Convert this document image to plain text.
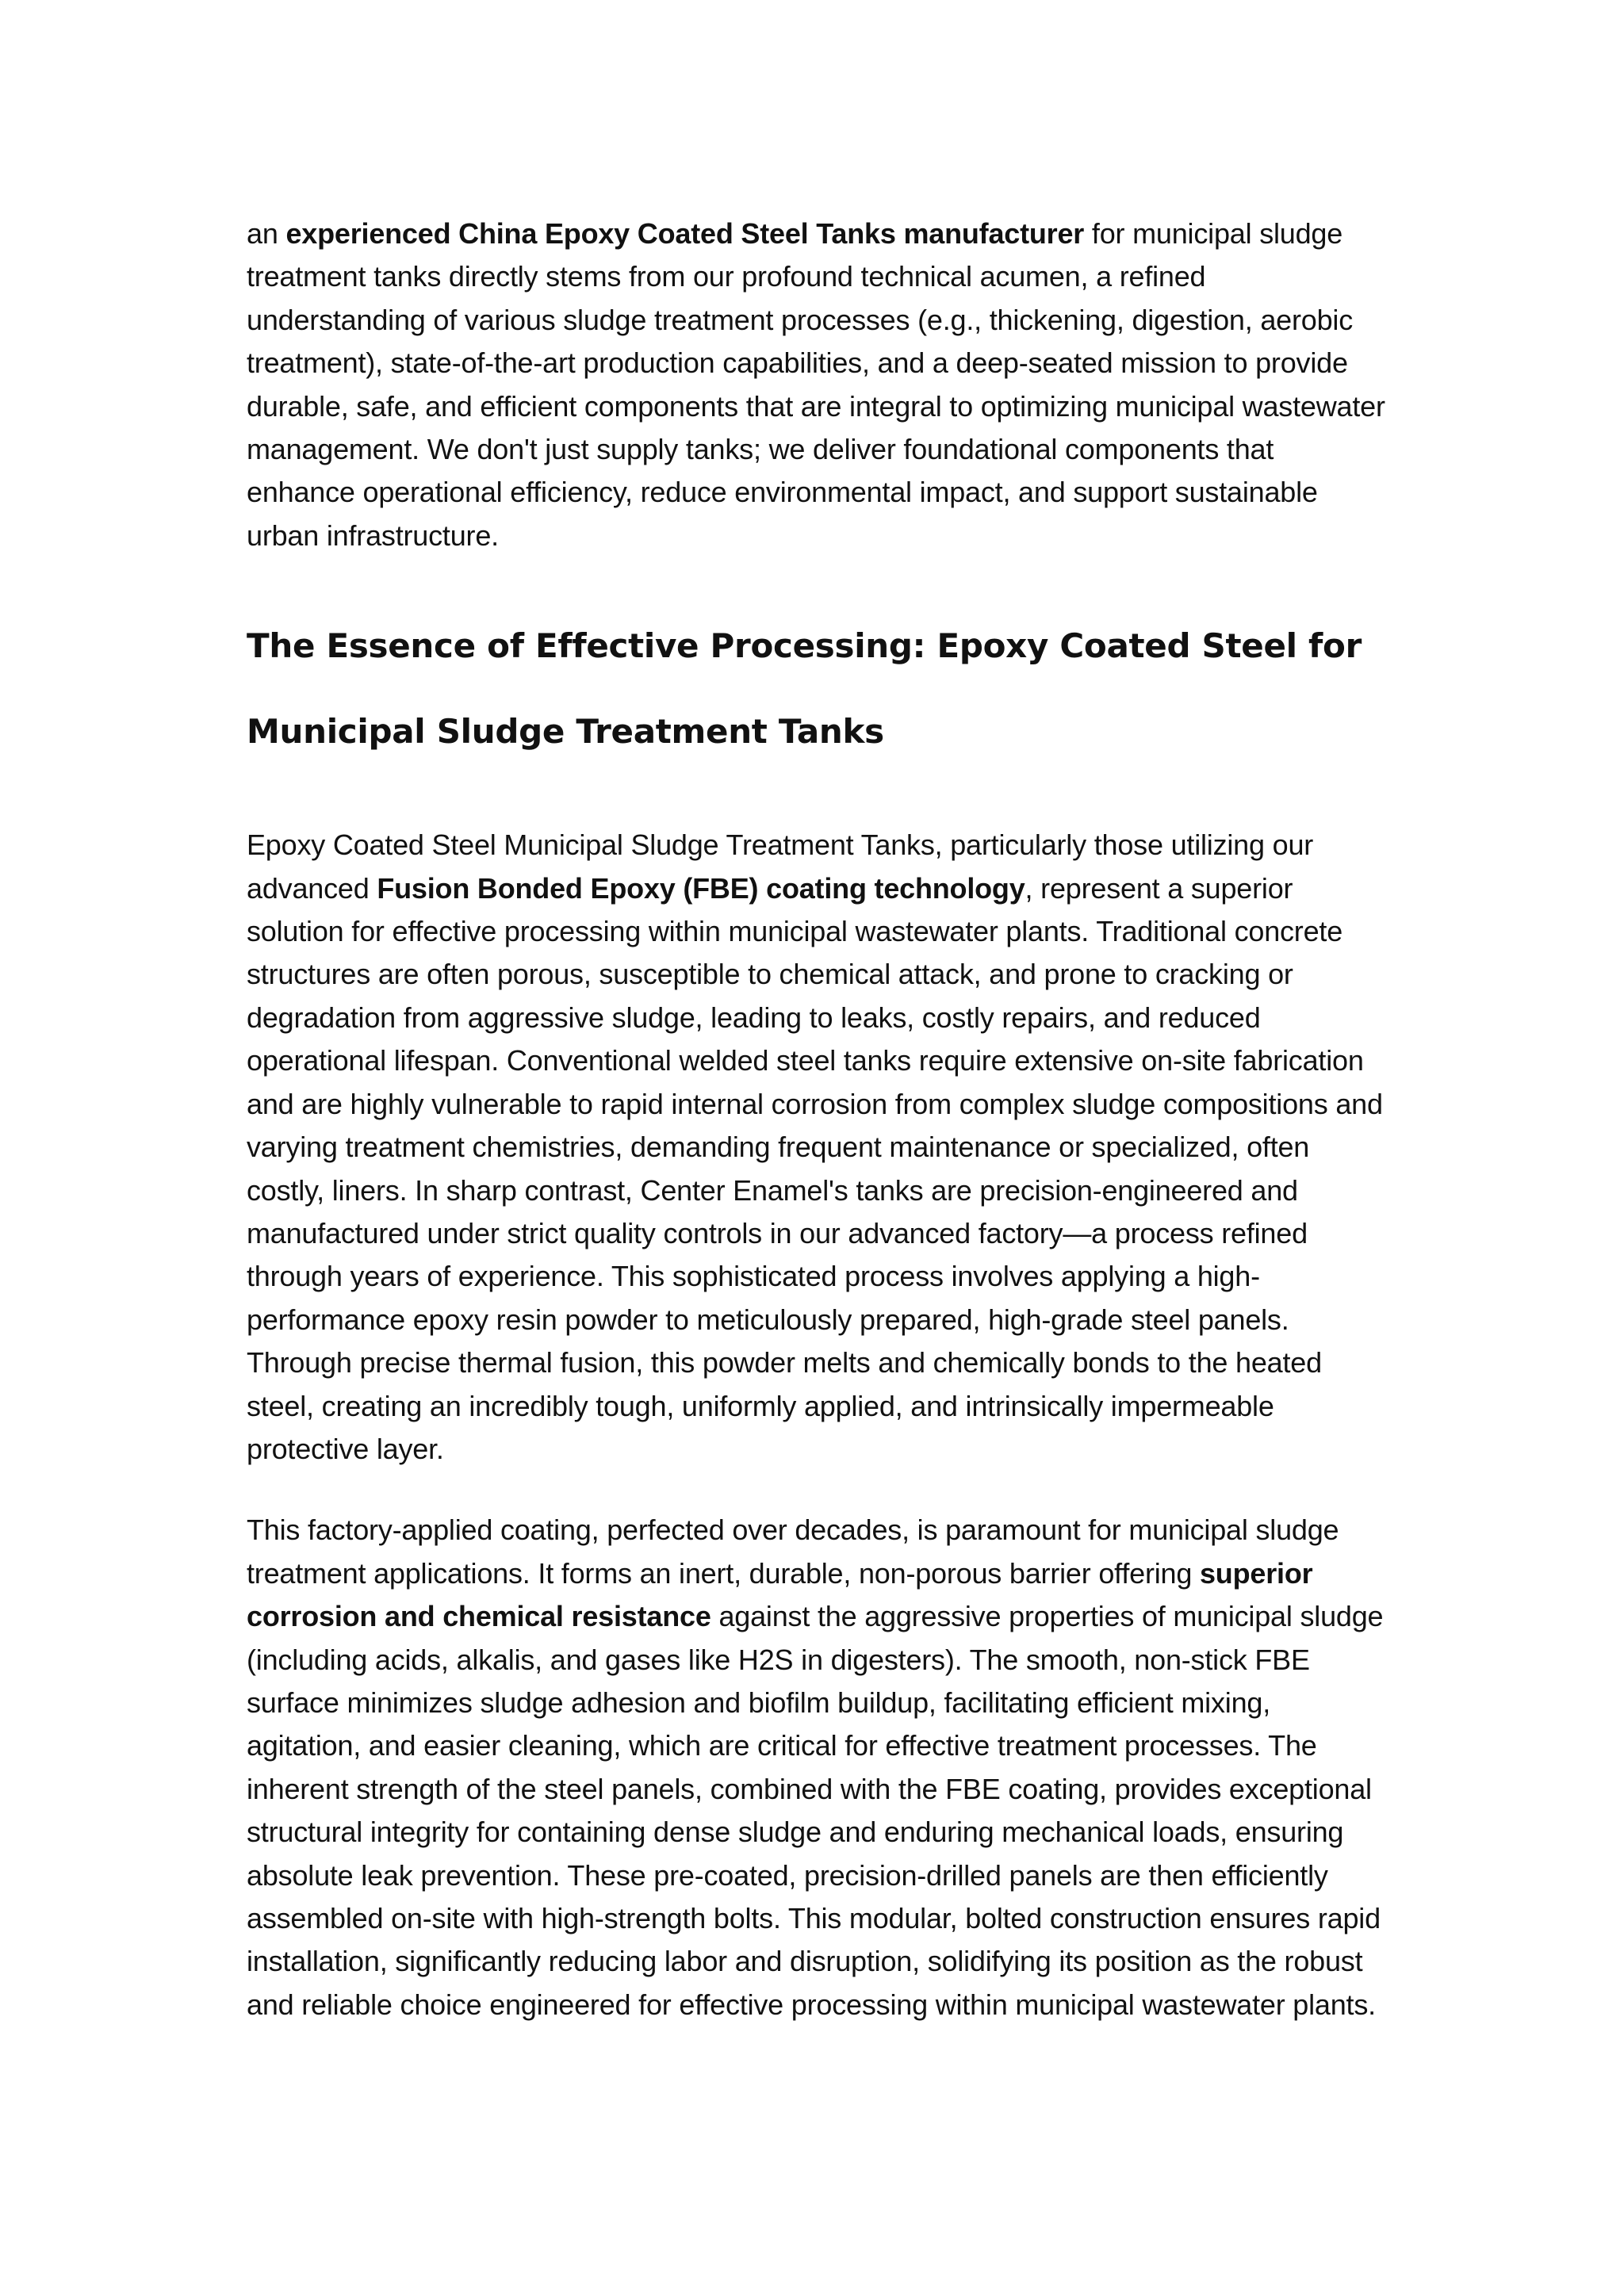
an experienced China Epoxy Coated Steel Tanks manufacturer for municipal sludge treatment tanks directly stems from our profound technical acumen, a refined understanding of various sludge treatment processes (e.g., thickening, digestion, aerobic treatment), state-of-the-art production capabilities, and a deep-seated mission to provide durable, safe, and efficient components that are integral to optimizing municipal wastewater management. We don't just supply tanks; we deliver foundational components that enhance operational efficiency, reduce environmental impact, and support sustainable urban infrastructure.

The Essence of Effective Processing: Epoxy Coated Steel for Municipal Sludge Treatment Tanks

Epoxy Coated Steel Municipal Sludge Treatment Tanks, particularly those utilizing our advanced Fusion Bonded Epoxy (FBE) coating technology, represent a superior solution for effective processing within municipal wastewater plants. Traditional concrete structures are often porous, susceptible to chemical attack, and prone to cracking or degradation from aggressive sludge, leading to leaks, costly repairs, and reduced operational lifespan. Conventional welded steel tanks require extensive on-site fabrication and are highly vulnerable to rapid internal corrosion from complex sludge compositions and varying treatment chemistries, demanding frequent maintenance or specialized, often costly, liners. In sharp contrast, Center Enamel's tanks are precision-engineered and manufactured under strict quality controls in our advanced factory—a process refined through years of experience. This sophisticated process involves applying a high-performance epoxy resin powder to meticulously prepared, high-grade steel panels. Through precise thermal fusion, this powder melts and chemically bonds to the heated steel, creating an incredibly tough, uniformly applied, and intrinsically impermeable protective layer.

This factory-applied coating, perfected over decades, is paramount for municipal sludge treatment applications. It forms an inert, durable, non-porous barrier offering superior corrosion and chemical resistance against the aggressive properties of municipal sludge (including acids, alkalis, and gases like H2S in digesters). The smooth, non-stick FBE surface minimizes sludge adhesion and biofilm buildup, facilitating efficient mixing, agitation, and easier cleaning, which are critical for effective treatment processes. The inherent strength of the steel panels, combined with the FBE coating, provides exceptional structural integrity for containing dense sludge and enduring mechanical loads, ensuring absolute leak prevention. These pre-coated, precision-drilled panels are then efficiently assembled on-site with high-strength bolts. This modular, bolted construction ensures rapid installation, significantly reducing labor and disruption, solidifying its position as the robust and reliable choice engineered for effective processing within municipal wastewater plants.
